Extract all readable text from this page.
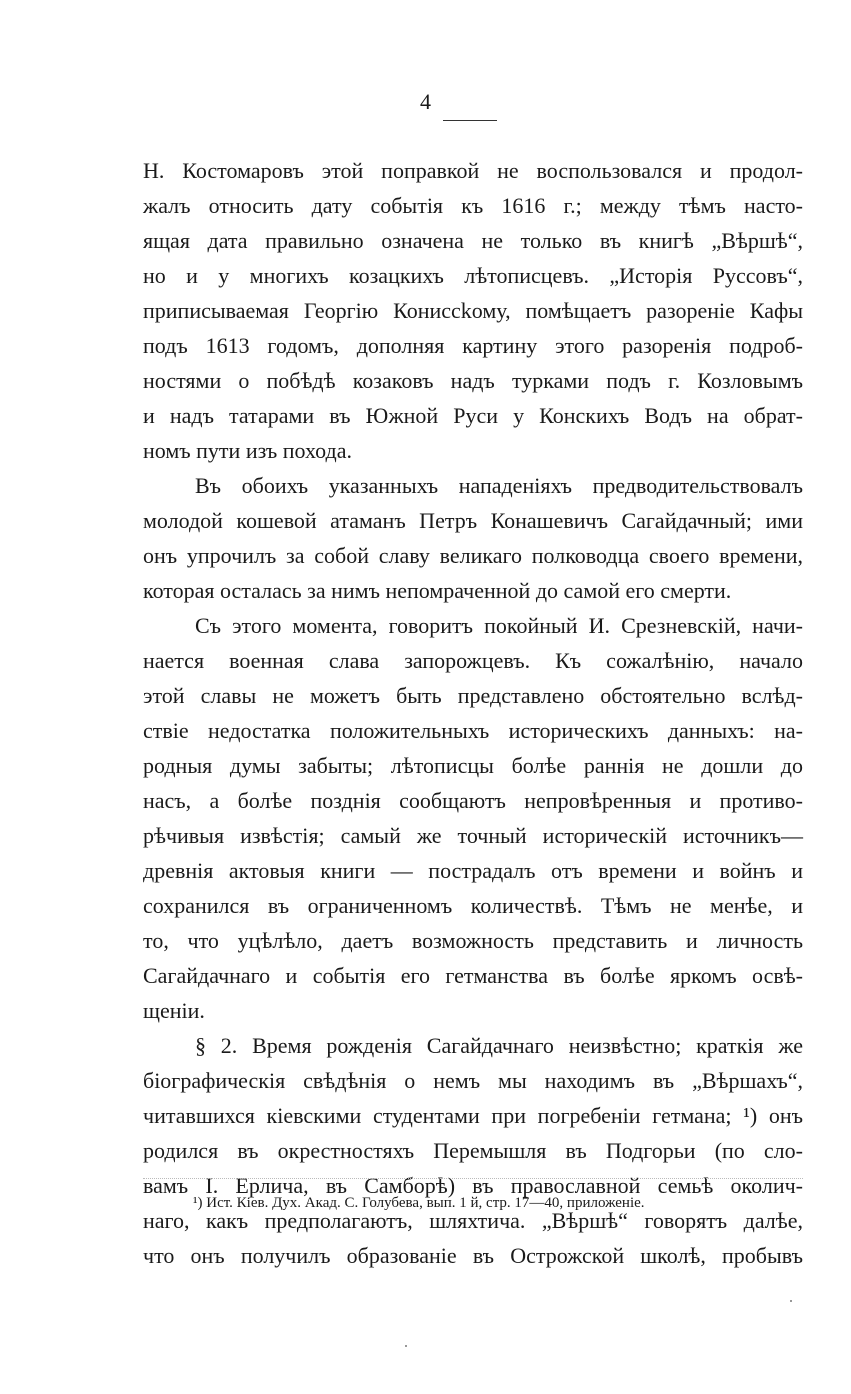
4
Н. Костомаровъ этой поправкой не воспользовался и продол-
жалъ относить дату событія къ 1616 г.; между тѣмъ насто-
ящая дата правильно означена не только въ книгѣ „Вѣршѣ“,
но и у многихъ козацкихъ лѣтописцевъ. „Исторія Руссовъ“,
приписываемая Георгію Кониссkому, помѣщаетъ разореніе Кафы
подъ 1613 годомъ, дополняя картину этого разоренія подроб-
ностями о побѣдѣ козаковъ надъ турками подъ г. Козловымъ
и надъ татарами въ Южной Руси у Конскихъ Водъ на обрат-
номъ пути изъ похода.
Въ обоихъ указанныхъ нападеніяхъ предводительствовалъ
молодой кошевой атаманъ Петръ Конашевичъ Сагайдачный; ими
онъ упрочилъ за собой славу великаго полководца своего времени,
которая осталась за нимъ непомраченной до самой его смерти.
Съ этого момента, говоритъ покойный И. Срезневскій, начи-
нается военная слава запорожцевъ. Къ сожалѣнію, начало
этой славы не можетъ быть представлено обстоятельно вслѣд-
ствіе недостатка положительныхъ историческихъ данныхъ: на-
родныя думы забыты; лѣтописцы болѣе раннія не дошли до
насъ, а болѣе позднія сообщаютъ непровѣренныя и противо-
рѣчивыя извѣстія; самый же точный историческій источникъ—
древнія актовыя книги — пострадалъ отъ времени и войнъ и
сохранился въ ограниченномъ количествѣ. Тѣмъ не менѣе, и
то, что уцѣлѣло, даетъ возможность представить и личность
Сагайдачнаго и событія его гетманства въ болѣе яркомъ освѣ-
щеніи.
§ 2. Время рожденія Сагайдачнаго неизвѣстно; краткія же
біографическія свѣдѣнія о немъ мы находимъ въ „Вѣршахъ“,
читавшихся кіевскими студентами при погребеніи гетмана; ¹) онъ
родился въ окрестностяхъ Перемышля въ Подгорьи (по сло-
вамъ І. Ерлича, въ Самборѣ) въ православной семьѣ околич-
наго, какъ предполагаютъ, шляхтича. „Вѣршѣ“ говорятъ далѣе,
что онъ получилъ образованіе въ Острожской школѣ, пробывъ
¹) Ист. Кіев. Дух. Акад. С. Голубева, вып. 1 й, стр. 17—40, приложеніе.
